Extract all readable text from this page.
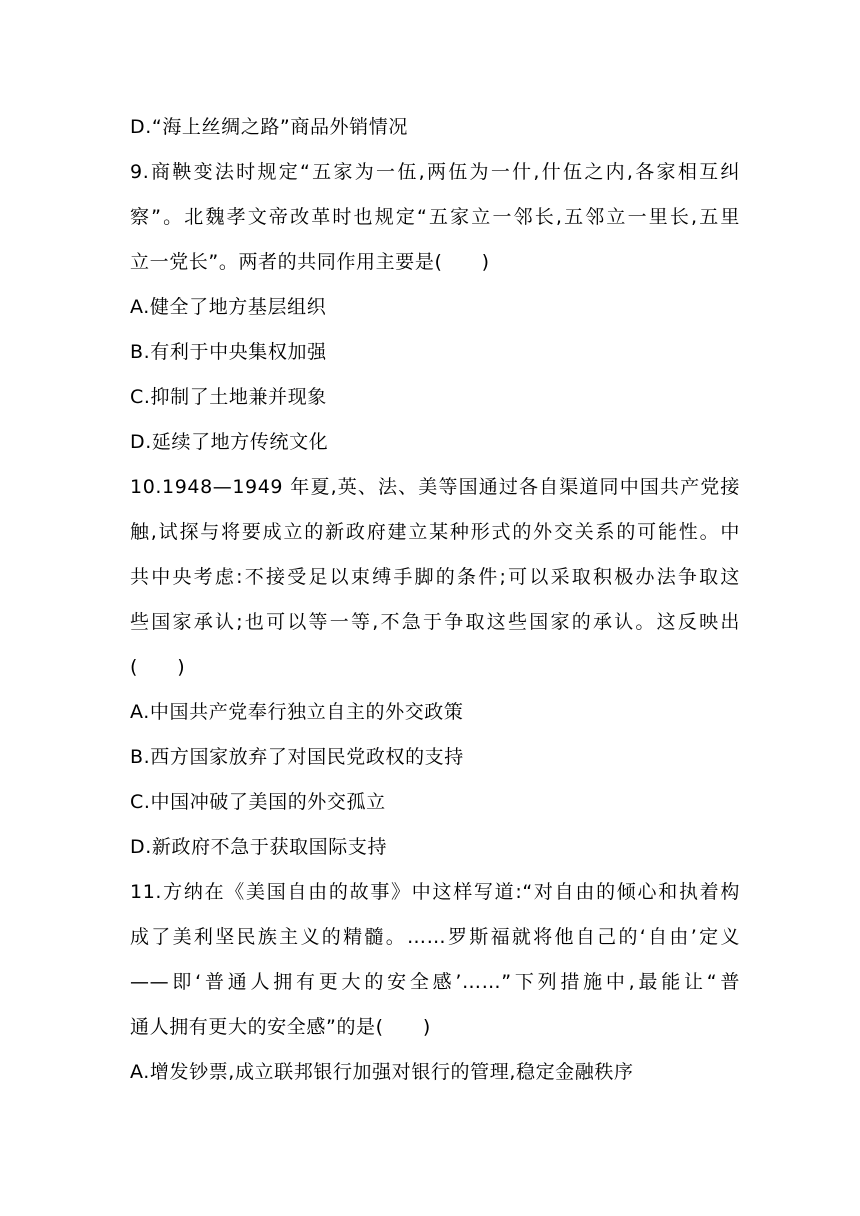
D.“海上丝绸之路”商品外销情况
9.商鞅变法时规定“五家为一伍,两伍为一什,什伍之内,各家相互纠
察”。北魏孝文帝改革时也规定“五家立一邻长,五邻立一里长,五里
立一党长”。两者的共同作用主要是(　　)
A.健全了地方基层组织
B.有利于中央集权加强
C.抑制了土地兼并现象
D.延续了地方传统文化
10.1948—1949 年夏,英、法、美等国通过各自渠道同中国共产党接
触,试探与将要成立的新政府建立某种形式的外交关系的可能性。中
共中央考虑:不接受足以束缚手脚的条件;可以采取积极办法争取这
些国家承认;也可以等一等,不急于争取这些国家的承认。这反映出
(　　)
A.中国共产党奉行独立自主的外交政策
B.西方国家放弃了对国民党政权的支持
C.中国冲破了美国的外交孤立
D.新政府不急于获取国际支持
11.方纳在《美国自由的故事》中这样写道:“对自由的倾心和执着构
成了美利坚民族主义的精髓。……罗斯福就将他自己的‘自由’定义
——即‘普通人拥有更大的安全感’……”下列措施中,最能让“普
通人拥有更大的安全感”的是(　　)
A.增发钞票,成立联邦银行加强对银行的管理,稳定金融秩序
